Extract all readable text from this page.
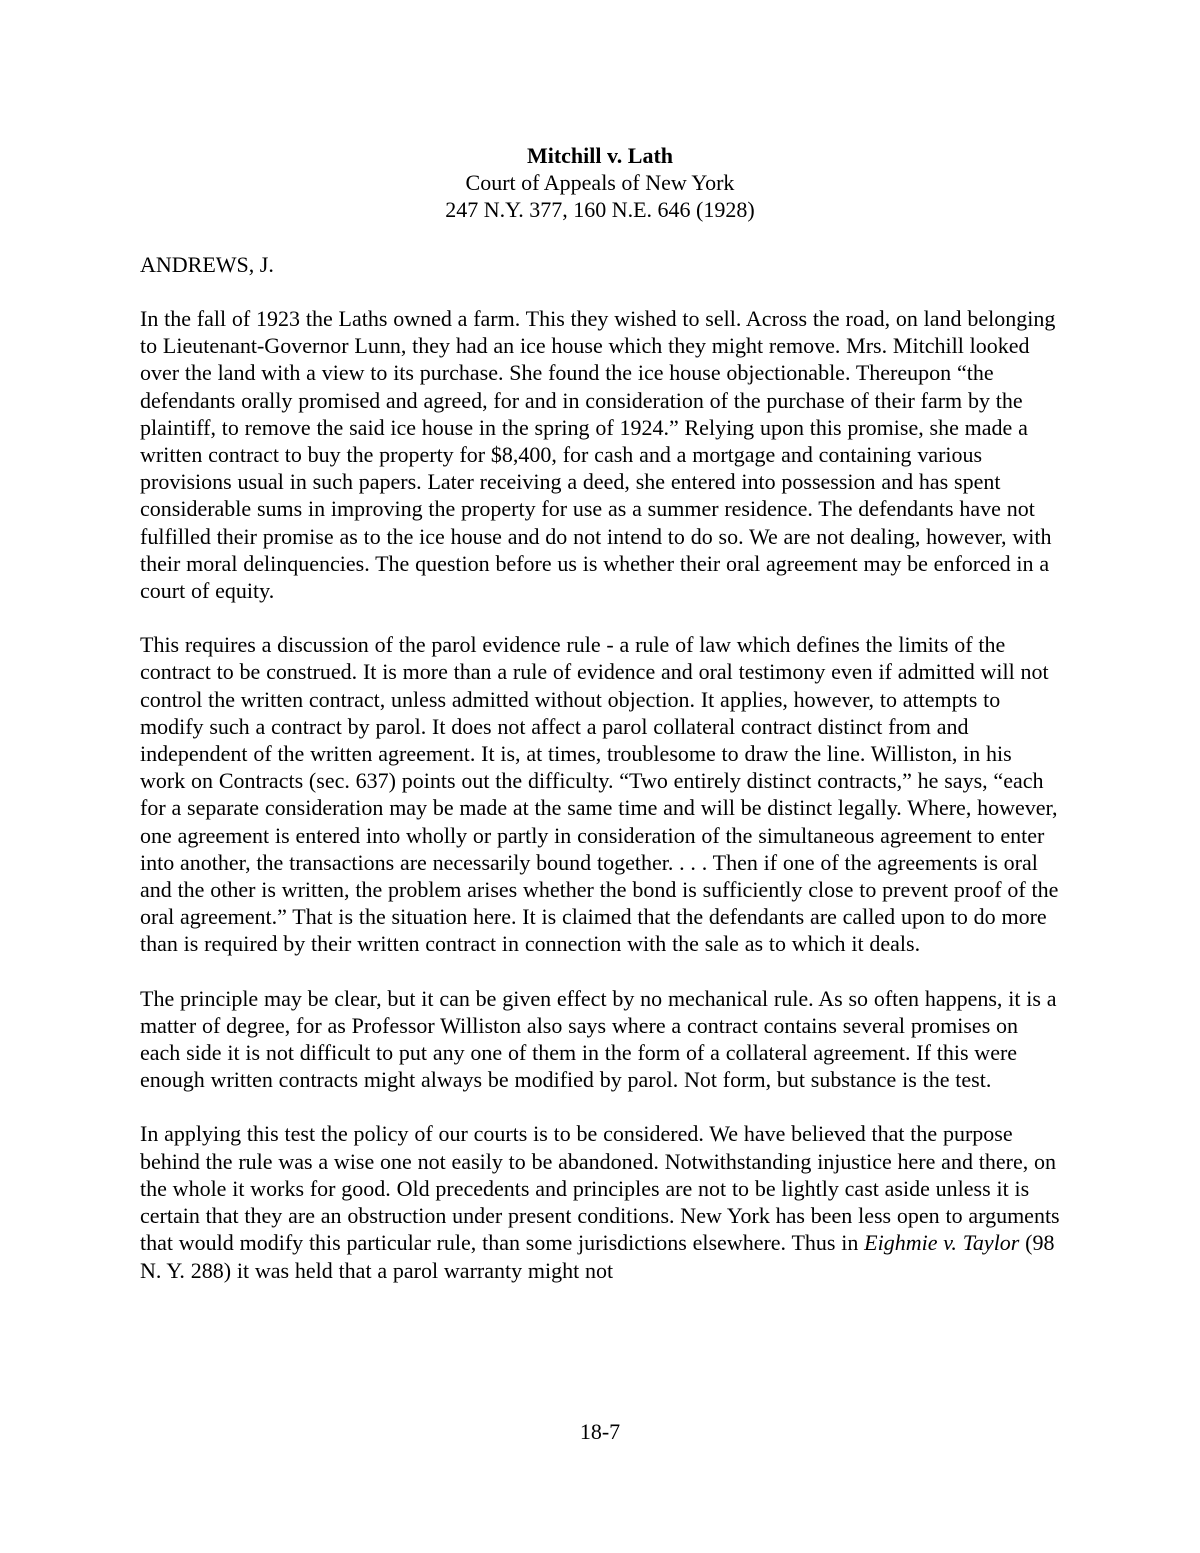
Mitchill v. Lath
Court of Appeals of New York
247 N.Y. 377, 160 N.E. 646 (1928)
ANDREWS, J.

In the fall of 1923 the Laths owned a farm. This they wished to sell. Across the road, on land belonging to Lieutenant-Governor Lunn, they had an ice house which they might remove. Mrs. Mitchill looked over the land with a view to its purchase. She found the ice house objectionable. Thereupon “the defendants orally promised and agreed, for and in consideration of the purchase of their farm by the plaintiff, to remove the said ice house in the spring of 1924.” Relying upon this promise, she made a written contract to buy the property for $8,400, for cash and a mortgage and containing various provisions usual in such papers. Later receiving a deed, she entered into possession and has spent considerable sums in improving the property for use as a summer residence. The defendants have not fulfilled their promise as to the ice house and do not intend to do so. We are not dealing, however, with their moral delinquencies. The question before us is whether their oral agreement may be enforced in a court of equity.

This requires a discussion of the parol evidence rule - a rule of law which defines the limits of the contract to be construed. It is more than a rule of evidence and oral testimony even if admitted will not control the written contract, unless admitted without objection. It applies, however, to attempts to modify such a contract by parol. It does not affect a parol collateral contract distinct from and independent of the written agreement. It is, at times, troublesome to draw the line. Williston, in his work on Contracts (sec. 637) points out the difficulty. “Two entirely distinct contracts,” he says, “each for a separate consideration may be made at the same time and will be distinct legally. Where, however, one agreement is entered into wholly or partly in consideration of the simultaneous agreement to enter into another, the transactions are necessarily bound together. . . . Then if one of the agreements is oral and the other is written, the problem arises whether the bond is sufficiently close to prevent proof of the oral agreement.” That is the situation here. It is claimed that the defendants are called upon to do more than is required by their written contract in connection with the sale as to which it deals.

The principle may be clear, but it can be given effect by no mechanical rule. As so often happens, it is a matter of degree, for as Professor Williston also says where a contract contains several promises on each side it is not difficult to put any one of them in the form of a collateral agreement. If this were enough written contracts might always be modified by parol. Not form, but substance is the test.

In applying this test the policy of our courts is to be considered. We have believed that the purpose behind the rule was a wise one not easily to be abandoned. Notwithstanding injustice here and there, on the whole it works for good. Old precedents and principles are not to be lightly cast aside unless it is certain that they are an obstruction under present conditions. New York has been less open to arguments that would modify this particular rule, than some jurisdictions elsewhere. Thus in Eighmie v. Taylor (98 N. Y. 288) it was held that a parol warranty might not

18-7
